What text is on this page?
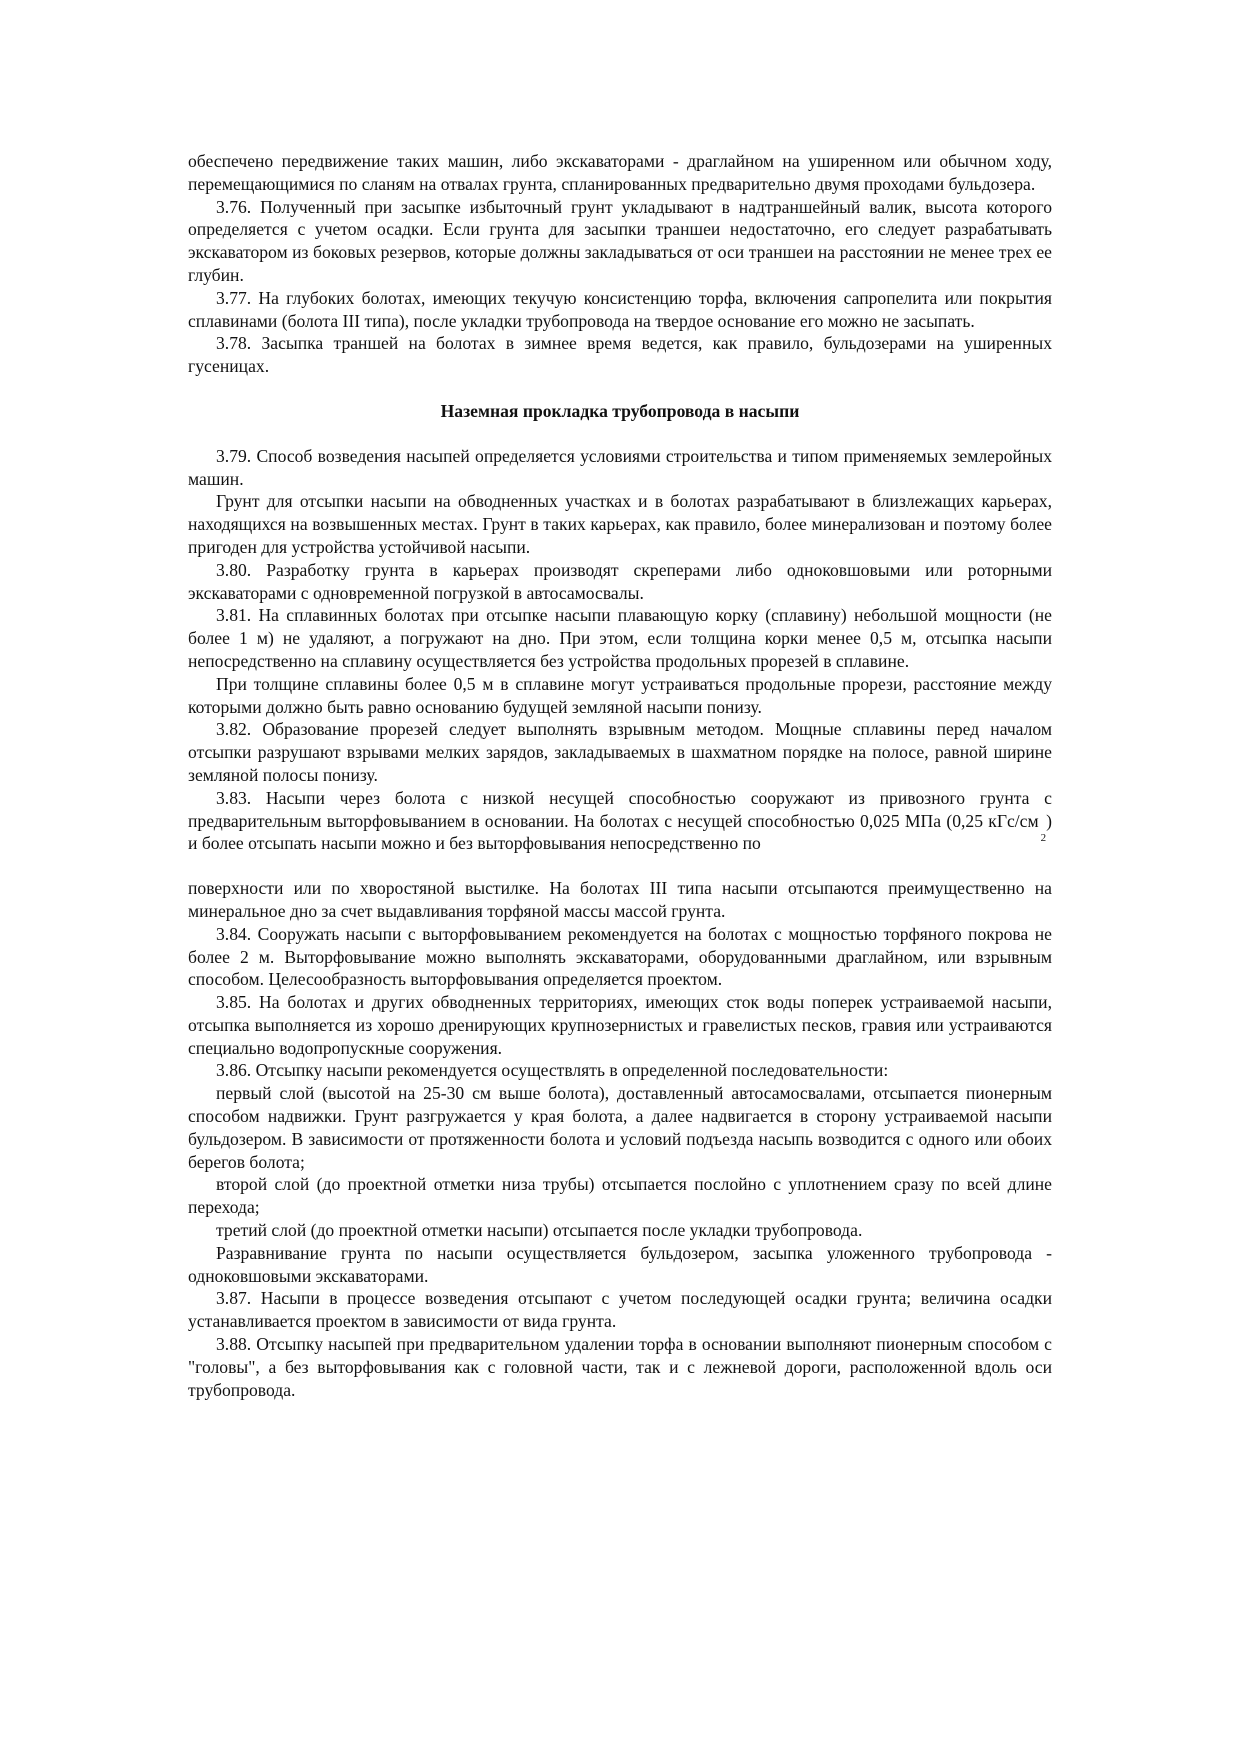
обеспечено передвижение таких машин, либо экскаваторами - драглайном на уширенном или обычном ходу, перемещающимися по сланям на отвалах грунта, спланированных предварительно двумя проходами бульдозера.

3.76. Полученный при засыпке избыточный грунт укладывают в надтраншейный валик, высота которого определяется с учетом осадки. Если грунта для засыпки траншеи недостаточно, его следует разрабатывать экскаватором из боковых резервов, которые должны закладываться от оси траншеи на расстоянии не менее трех ее глубин.

3.77. На глубоких болотах, имеющих текучую консистенцию торфа, включения сапропелита или покрытия сплавинами (болота III типа), после укладки трубопровода на твердое основание его можно не засыпать.

3.78. Засыпка траншей на болотах в зимнее время ведется, как правило, бульдозерами на уширенных гусеницах.

Наземная прокладка трубопровода в насыпи

3.79. Способ возведения насыпей определяется условиями строительства и типом применяемых землеройных машин.

Грунт для отсыпки насыпи на обводненных участках и в болотах разрабатывают в близлежащих карьерах, находящихся на возвышенных местах. Грунт в таких карьерах, как правило, более минерализован и поэтому более пригоден для устройства устойчивой насыпи.

3.80. Разработку грунта в карьерах производят скреперами либо одноковшовыми или роторными экскаваторами с одновременной погрузкой в автосамосвалы.

3.81. На сплавинных болотах при отсыпке насыпи плавающую корку (сплавину) небольшой мощности (не более 1 м) не удаляют, а погружают на дно. При этом, если толщина корки менее 0,5 м, отсыпка насыпи непосредственно на сплавину осуществляется без устройства продольных прорезей в сплавине.

При толщине сплавины более 0,5 м в сплавине могут устраиваться продольные прорези, расстояние между которыми должно быть равно основанию будущей земляной насыпи понизу.

3.82. Образование прорезей следует выполнять взрывным методом. Мощные сплавины перед началом отсыпки разрушают взрывами мелких зарядов, закладываемых в шахматном порядке на полосе, равной ширине земляной полосы понизу.

3.83. Насыпи через болота с низкой несущей способностью сооружают из привозного грунта с предварительным выторфовыванием в основании. На болотах с несущей способностью 0,025 МПа (0,25 кГс/$см_2$) и более отсыпать насыпи можно и без выторфовывания непосредственно по

поверхности или по хворостяной выстилке. На болотах III типа насыпи отсыпаются преимущественно на минеральное дно за счет выдавливания торфяной массы массой грунта.

3.84. Сооружать насыпи с выторфовыванием рекомендуется на болотах с мощностью торфяного покрова не более 2 м. Выторфовывание можно выполнять экскаваторами, оборудованными драглайном, или взрывным способом. Целесообразность выторфовывания определяется проектом.

3.85. На болотах и других обводненных территориях, имеющих сток воды поперек устраиваемой насыпи, отсыпка выполняется из хорошо дренирующих крупнозернистых и гравелистых песков, гравия или устраиваются специально водопропускные сооружения.

3.86. Отсыпку насыпи рекомендуется осуществлять в определенной последовательности:

первый слой (высотой на 25-30 см выше болота), доставленный автосамосвалами, отсыпается пионерным способом надвижки. Грунт разгружается у края болота, а далее надвигается в сторону устраиваемой насыпи бульдозером. В зависимости от протяженности болота и условий подъезда насыпь возводится с одного или обоих берегов болота;

второй слой (до проектной отметки низа трубы) отсыпается послойно с уплотнением сразу по всей длине перехода;

третий слой (до проектной отметки насыпи) отсыпается после укладки трубопровода.

Разравнивание грунта по насыпи осуществляется бульдозером, засыпка уложенного трубопровода - одноковшовыми экскаваторами.

3.87. Насыпи в процессе возведения отсыпают с учетом последующей осадки грунта; величина осадки устанавливается проектом в зависимости от вида грунта.

3.88. Отсыпку насыпей при предварительном удалении торфа в основании выполняют пионерным способом с "головы", а без выторфовывания как с головной части, так и с лежневой дороги, расположенной вдоль оси трубопровода.
